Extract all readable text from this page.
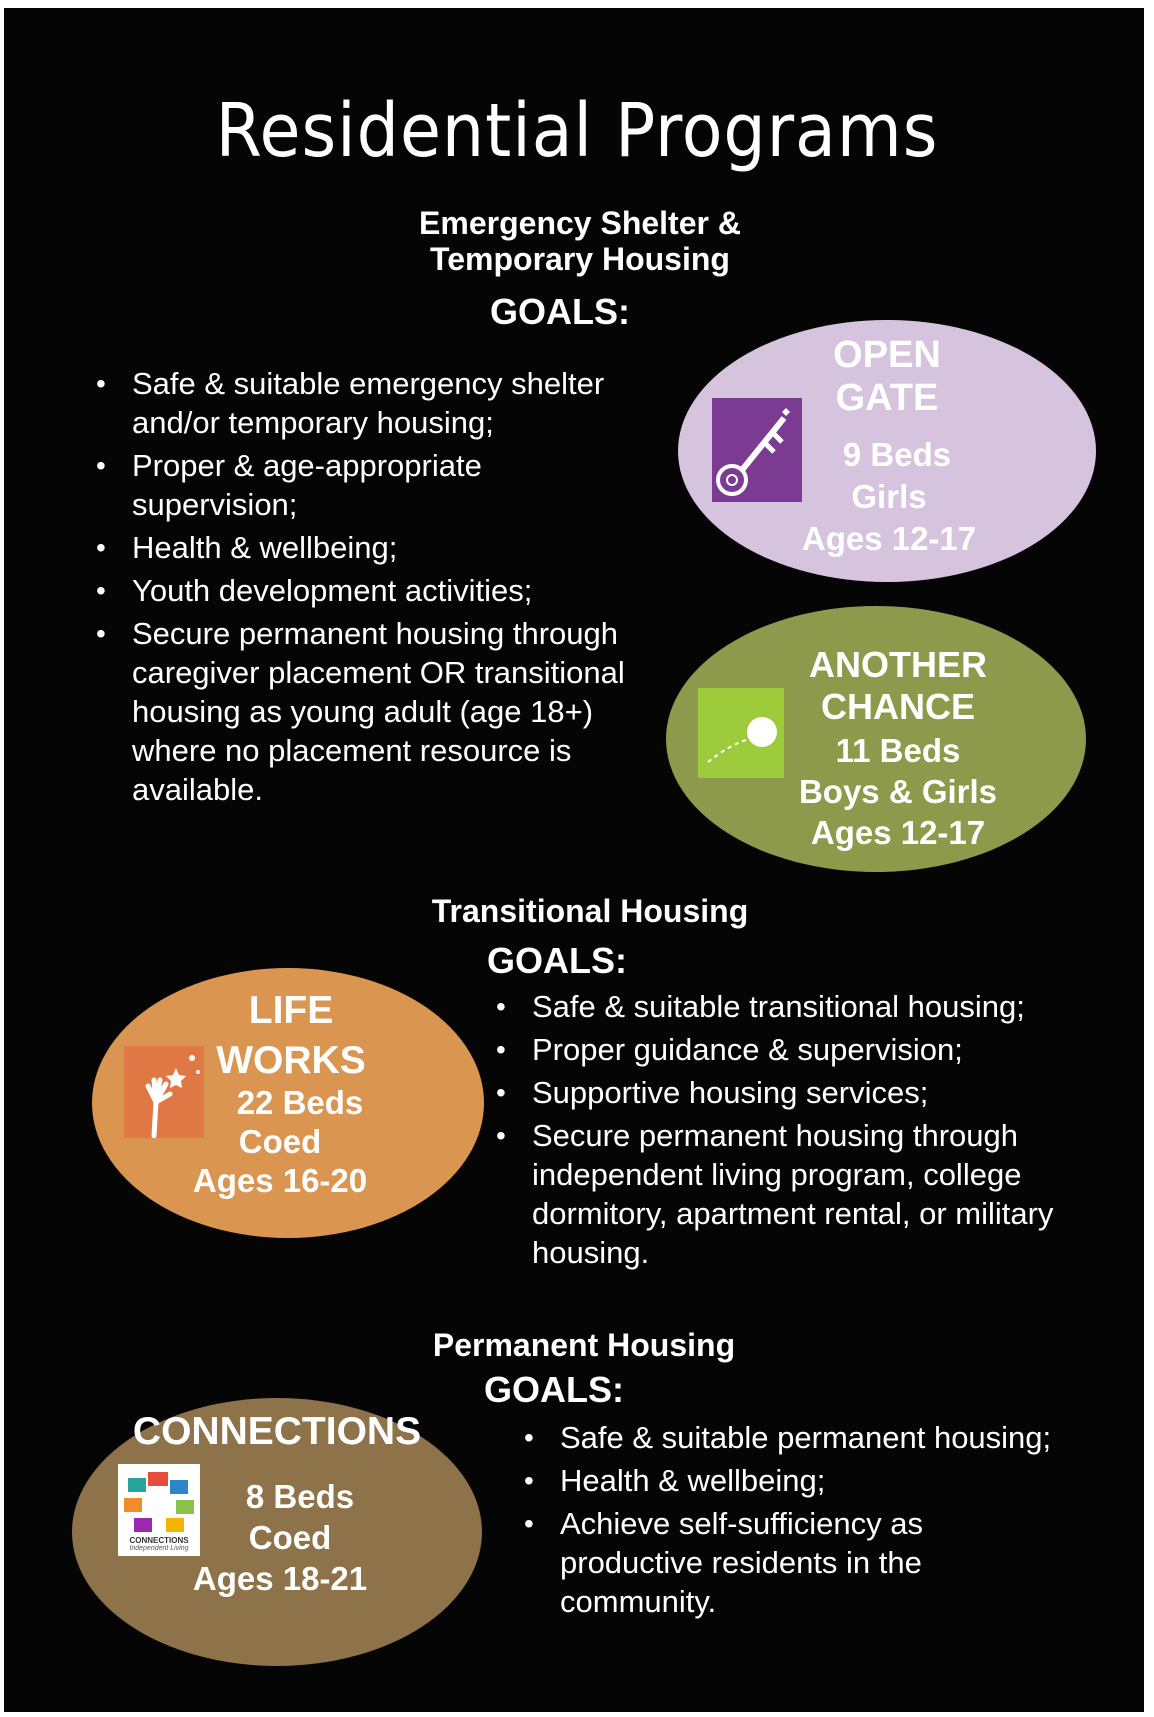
Residential Programs
Emergency Shelter &
Temporary Housing
GOALS:
• Safe & suitable emergency shelter and/or temporary housing;
• Proper & age-appropriate supervision;
• Health & wellbeing;
• Youth development activities;
• Secure permanent housing through caregiver placement OR transitional housing as young adult (age 18+) where no placement resource is available.
OPEN
GATE
9 Beds
Girls
Ages 12-17
ANOTHER
CHANCE
11 Beds
Boys & Girls
Ages 12-17
Transitional Housing
GOALS:
• Safe & suitable transitional housing;
• Proper guidance & supervision;
• Supportive housing services;
• Secure permanent housing through independent living program, college dormitory, apartment rental, or military housing.
LIFE
WORKS
22 Beds
Coed
Ages 16-20
Permanent Housing
GOALS:
• Safe & suitable permanent housing;
• Health & wellbeing;
• Achieve self-sufficiency as productive residents in the community.
CONNECTIONS
CONNECTIONS
Independent Living
8 Beds
Coed
Ages 18-21
